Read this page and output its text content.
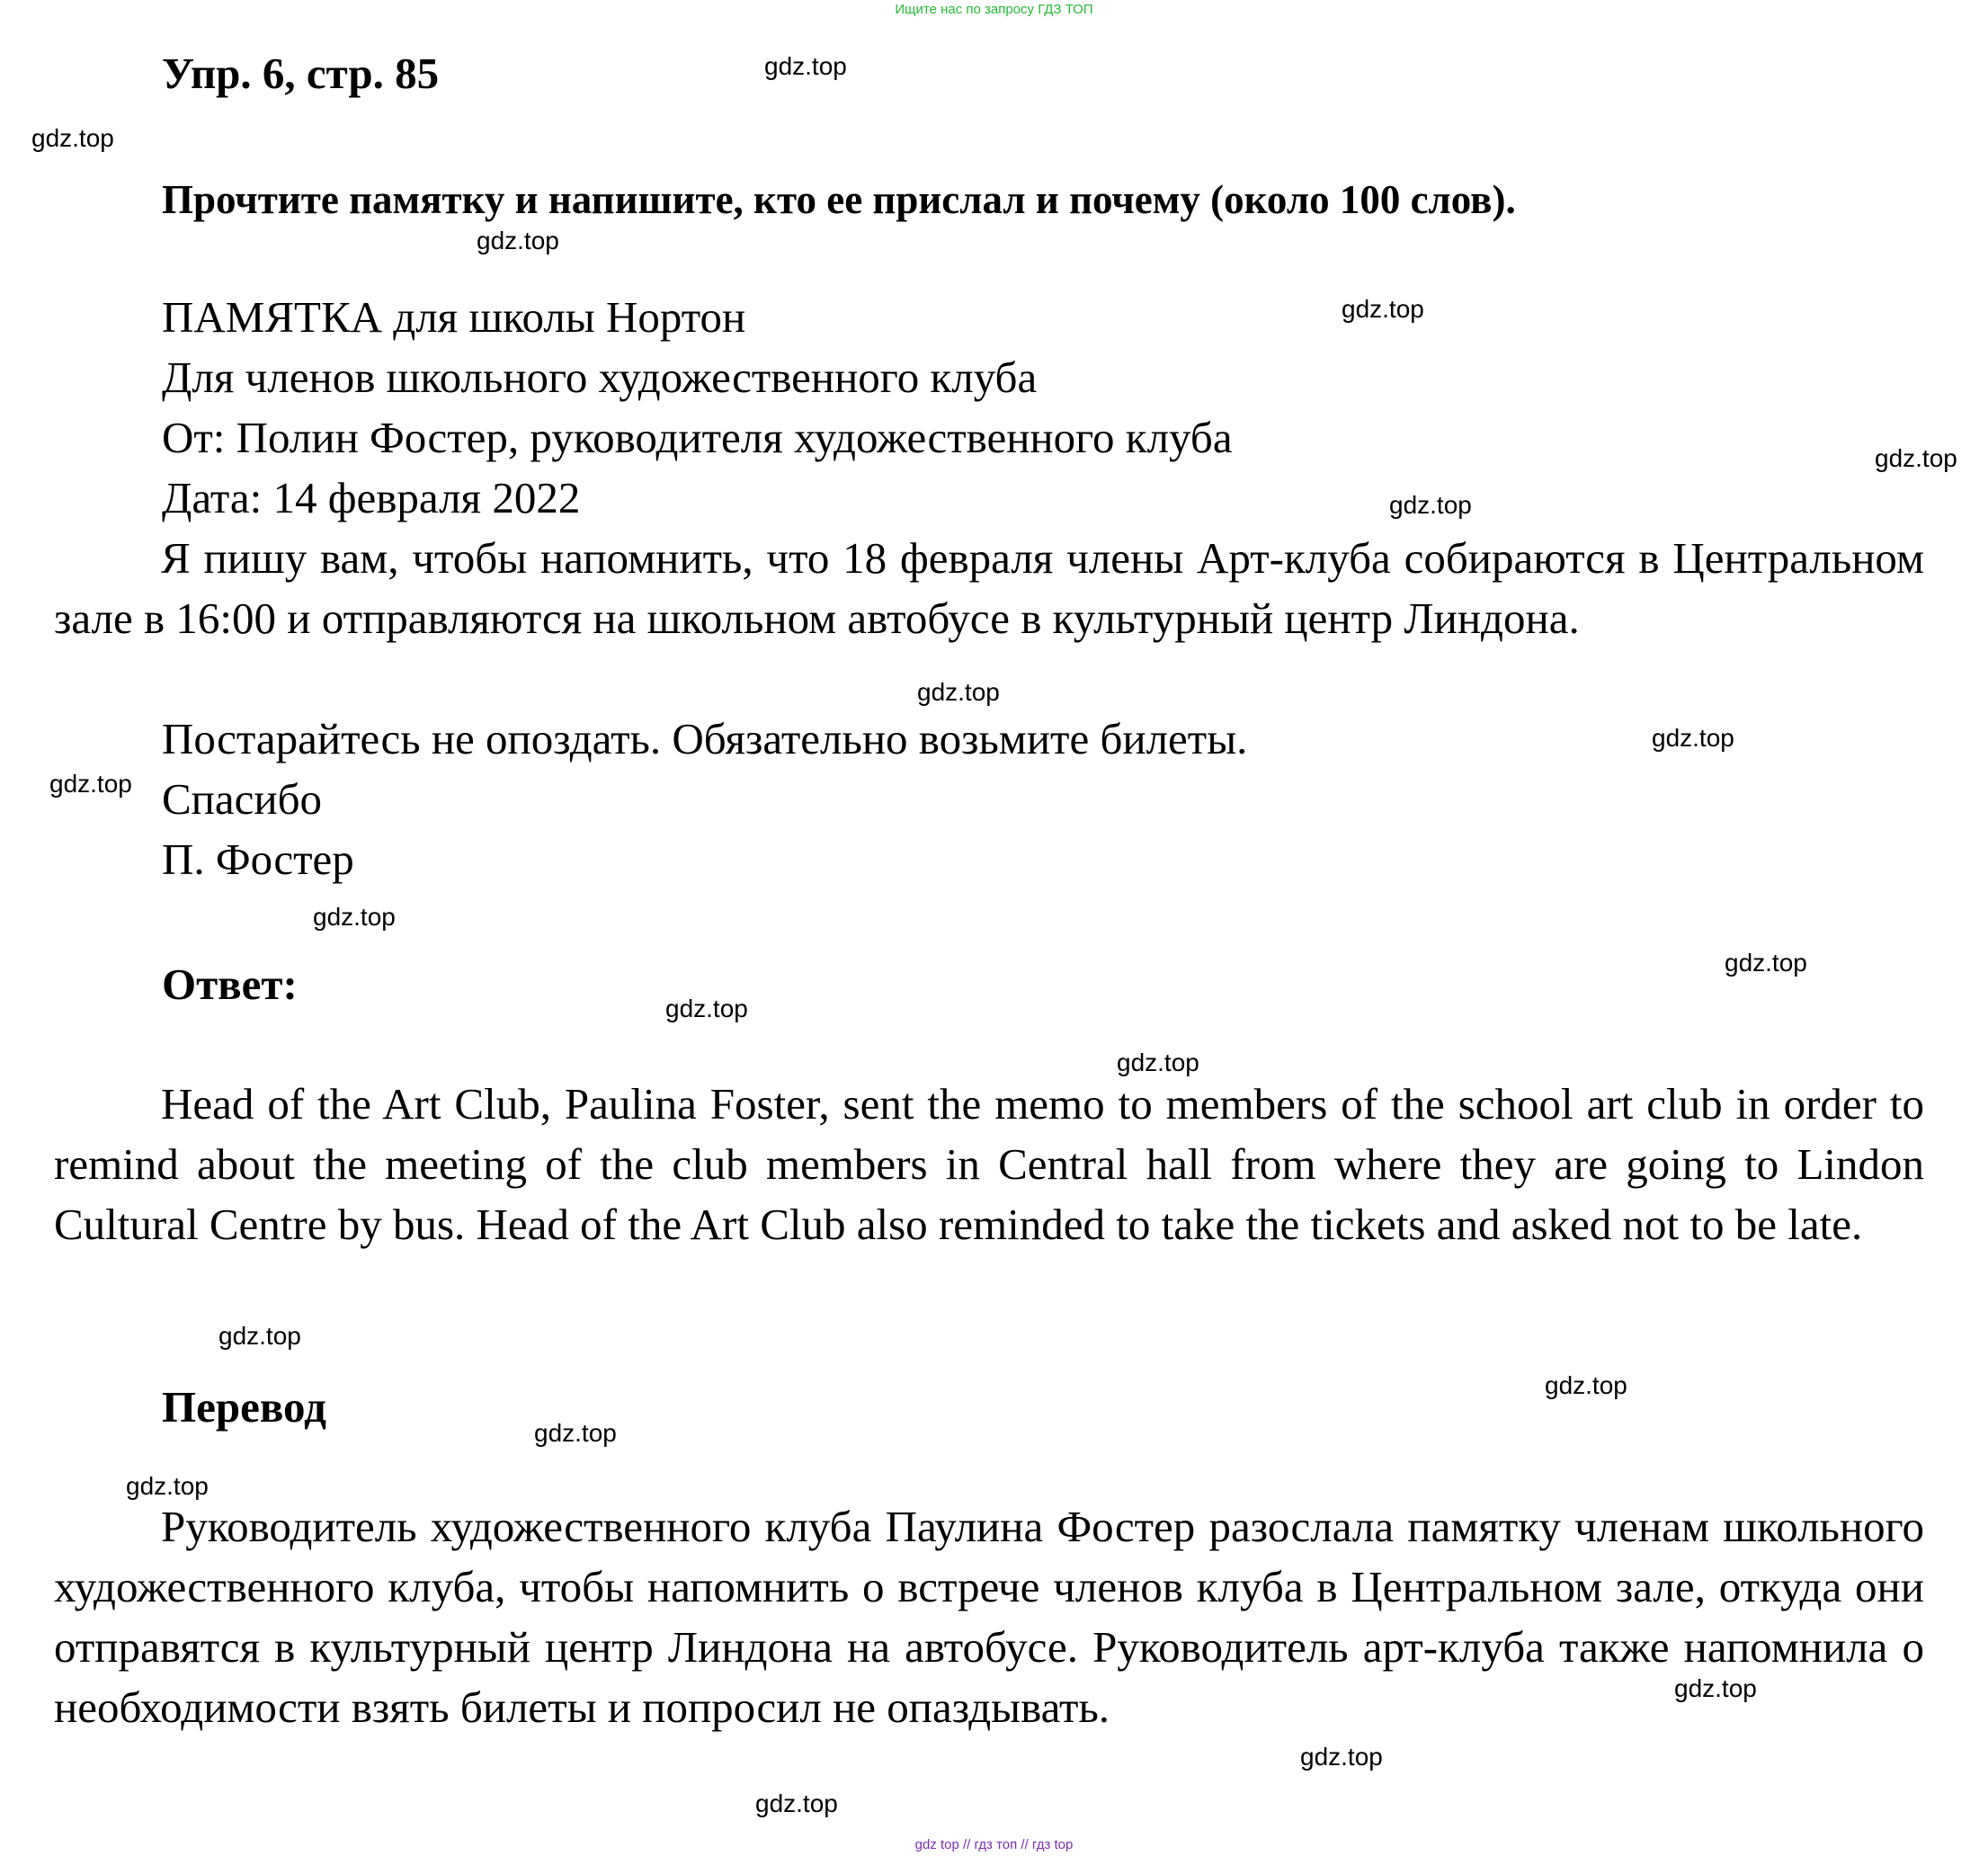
Ищите нас по запросу ГДЗ ТОП
Упр. 6, стр. 85
Прочтите памятку и напишите, кто ее прислал и почему (около 100 слов).
ПАМЯТКА для школы Нортон
Для членов школьного художественного клуба
От: Полин Фостер, руководителя художественного клуба
Дата: 14 февраля 2022
Я пишу вам, чтобы напомнить, что 18 февраля члены Арт-клуба собираются в Центральном зале в 16:00 и отправляются на школьном автобусе в культурный центр Линдона.
Постарайтесь не опоздать. Обязательно возьмите билеты.
Спасибо
П. Фостер
Ответ:
Head of the Art Club, Paulina Foster, sent the memo to members of the school art club in order to remind about the meeting of the club members in Central hall from where they are going to Lindon Cultural Centre by bus. Head of the Art Club also reminded to take the tickets and asked not to be late.
Перевод
Руководитель художественного клуба Паулина Фостер разослала памятку членам школьного художественного клуба, чтобы напомнить о встрече членов клуба в Центральном зале, откуда они отправятся в культурный центр Линдона на автобусе. Руководитель арт-клуба также напомнила о необходимости взять билеты и попросил не опаздывать.
gdz.top
gdz.top
gdz.top
gdz.top
gdz.top
gdz.top
gdz.top
gdz.top
gdz.top
gdz.top
gdz.top
gdz.top
gdz.top
gdz.top
gdz.top
gdz.top
gdz.top
gdz.top
gdz.top
gdz.top
gdz top // гдз топ // гдз top
